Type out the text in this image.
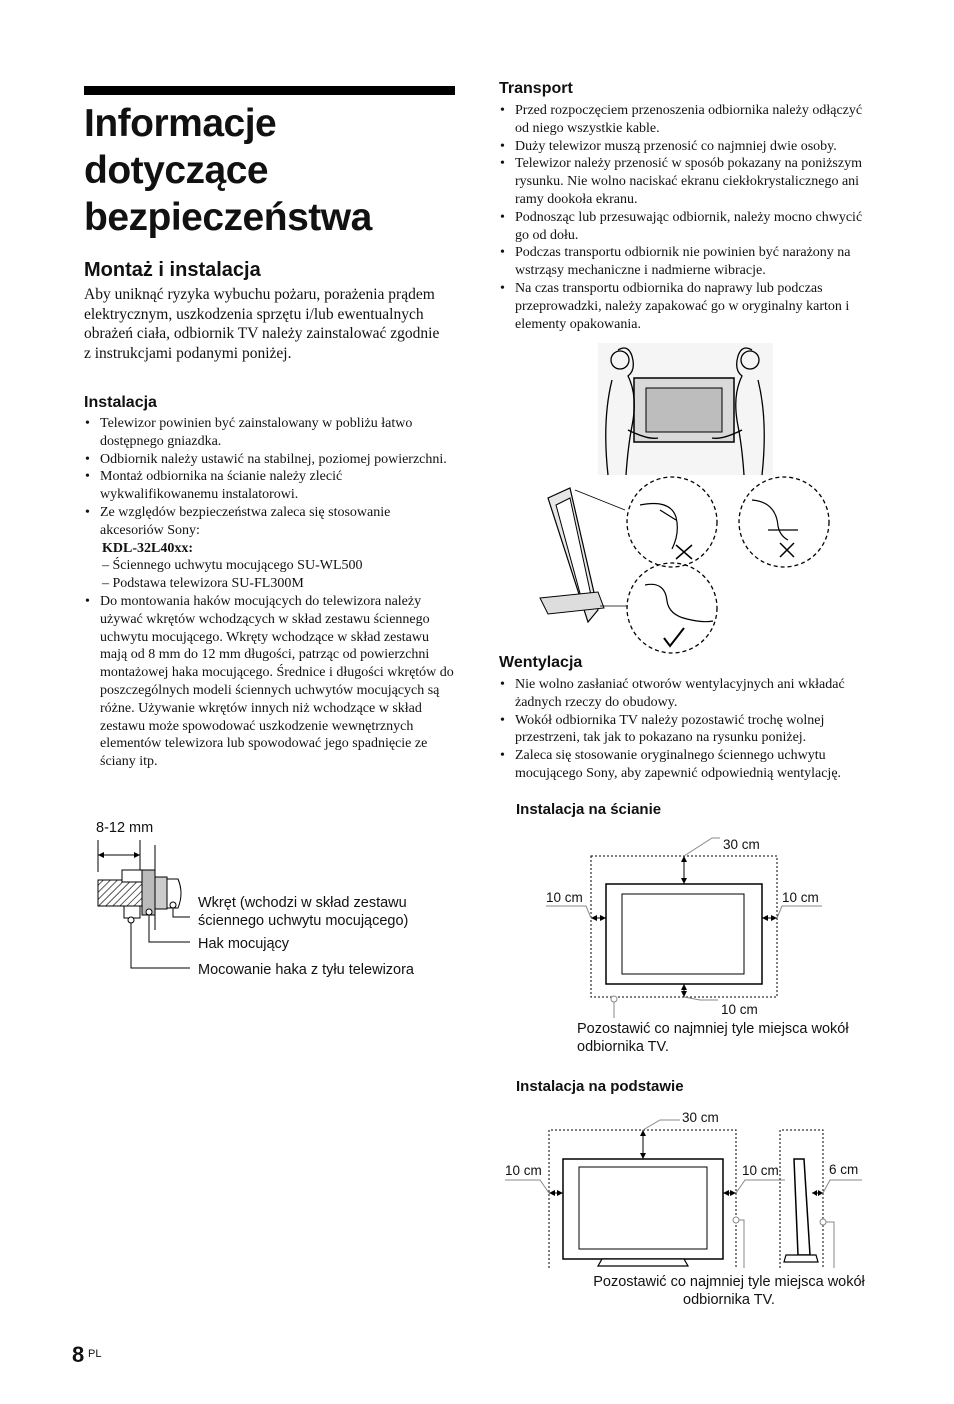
Informacje dotyczące bezpieczeństwa
Montaż i instalacja
Aby uniknąć ryzyka wybuchu pożaru, porażenia prądem elektrycznym, uszkodzenia sprzętu i/lub ewentualnych obrażeń ciała, odbiornik TV należy zainstalować zgodnie z instrukcjami podanymi poniżej.
Instalacja
• Telewizor powinien być zainstalowany w pobliżu łatwo dostępnego gniazdka.
• Odbiornik należy ustawić na stabilnej, poziomej powierzchni.
• Montaż odbiornika na ścianie należy zlecić wykwalifikowanemu instalatorowi.
• Ze względów bezpieczeństwa zaleca się stosowanie akcesoriów Sony:
KDL-32L40xx:
– Ściennego uchwytu mocującego SU-WL500
– Podstawa telewizora SU-FL300M
• Do montowania haków mocujących do telewizora należy używać wkrętów wchodzących w skład zestawu ściennego uchwytu mocującego. Wkręty wchodzące w skład zestawu mają od 8 mm do 12 mm długości, patrząc od powierzchni montażowej haka mocującego. Średnice i długości wkrętów do poszczególnych modeli ściennych uchwytów mocujących są różne. Używanie wkrętów innych niż wchodzące w skład zestawu może spowodować uszkodzenie wewnętrznych elementów telewizora lub spowodować jego spadnięcie ze ściany itp.
8-12 mm
Wkręt (wchodzi w skład zestawu ściennego uchwytu mocującego)
Hak mocujący
Mocowanie haka z tyłu telewizora
Transport
• Przed rozpoczęciem przenoszenia odbiornika należy odłączyć od niego wszystkie kable.
• Duży telewizor muszą przenosić co najmniej dwie osoby.
• Telewizor należy przenosić w sposób pokazany na poniższym rysunku. Nie wolno naciskać ekranu ciekłokrystalicznego ani ramy dookoła ekranu.
• Podnosząc lub przesuwając odbiornik, należy mocno chwycić go od dołu.
• Podczas transportu odbiornik nie powinien być narażony na wstrząsy mechaniczne i nadmierne wibracje.
• Na czas transportu odbiornika do naprawy lub podczas przeprowadzki, należy zapakować go w oryginalny karton i elementy opakowania.
Wentylacja
• Nie wolno zasłaniać otworów wentylacyjnych ani wkładać żadnych rzeczy do obudowy.
• Wokół odbiornika TV należy pozostawić trochę wolnej przestrzeni, tak jak to pokazano na rysunku poniżej.
• Zaleca się stosowanie oryginalnego ściennego uchwytu mocującego Sony, aby zapewnić odpowiednią wentylację.
Instalacja na ścianie
30 cm
10 cm	10 cm
10 cm
Pozostawić co najmniej tyle miejsca wokół odbiornika TV.
Instalacja na podstawie
30 cm
10 cm	10 cm	6 cm
Pozostawić co najmniej tyle miejsca wokół odbiornika TV.
8 PL
